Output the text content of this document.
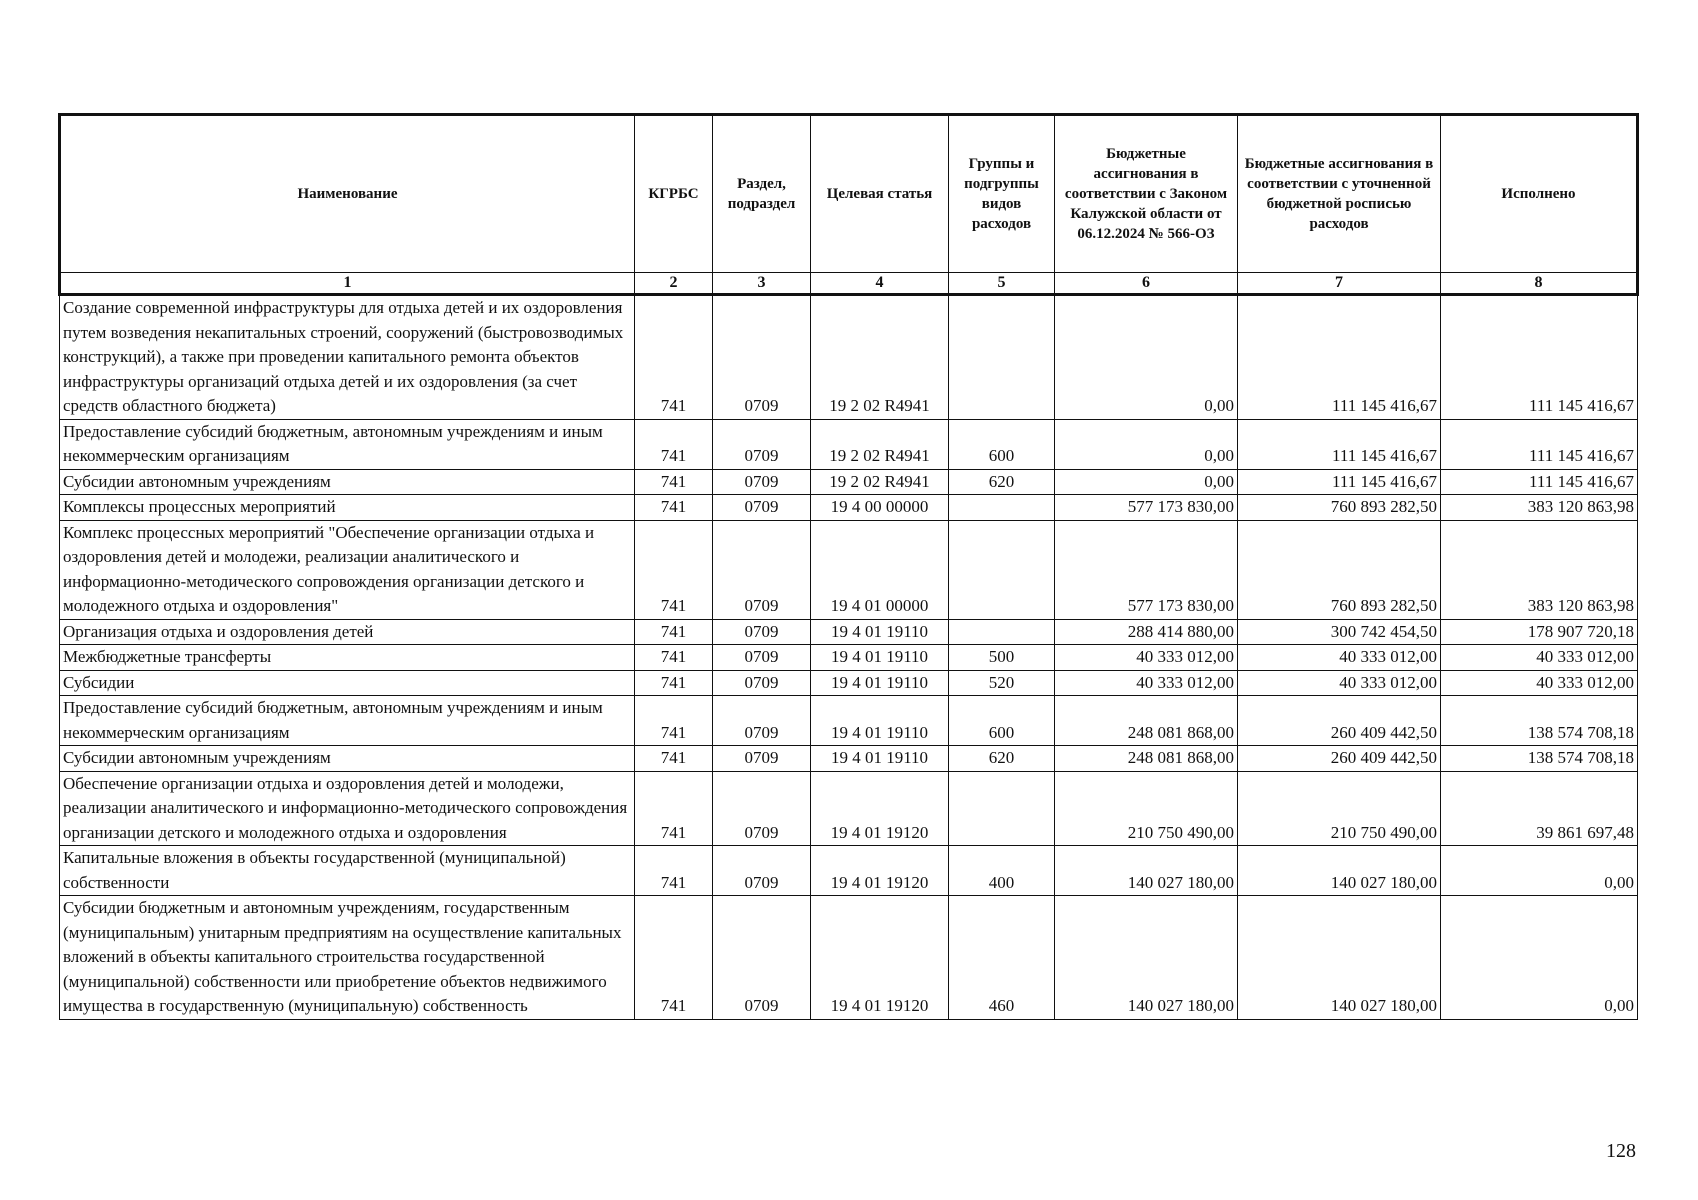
Наименование	КГРБС	Раздел, подраздел	Целевая статья	Группы и подгруппы видов расходов	Бюджетные ассигнования в соответствии с Законом Калужской области от 06.12.2024 № 566-ОЗ	Бюджетные ассигнования в соответствии с уточненной бюджетной росписью расходов	Исполнено
1	2	3	4	5	6	7	8
Создание современной инфраструктуры для отдыха детей и их оздоровления путем возведения некапитальных строений, сооружений (быстровозводимых конструкций), а также при проведении капитального ремонта объектов инфраструктуры организаций отдыха детей и их оздоровления (за счет средств областного бюджета)	741	0709	19 2 02 R4941		0,00	111 145 416,67	111 145 416,67
Предоставление субсидий бюджетным, автономным учреждениям и иным некоммерческим организациям	741	0709	19 2 02 R4941	600	0,00	111 145 416,67	111 145 416,67
Субсидии автономным учреждениям	741	0709	19 2 02 R4941	620	0,00	111 145 416,67	111 145 416,67
Комплексы процессных мероприятий	741	0709	19 4 00 00000		577 173 830,00	760 893 282,50	383 120 863,98
Комплекс процессных мероприятий "Обеспечение организации отдыха и оздоровления детей и молодежи, реализации аналитического и информационно-методического сопровождения организации детского и молодежного отдыха и оздоровления"	741	0709	19 4 01 00000		577 173 830,00	760 893 282,50	383 120 863,98
Организация отдыха и оздоровления детей	741	0709	19 4 01 19110		288 414 880,00	300 742 454,50	178 907 720,18
Межбюджетные трансферты	741	0709	19 4 01 19110	500	40 333 012,00	40 333 012,00	40 333 012,00
Субсидии	741	0709	19 4 01 19110	520	40 333 012,00	40 333 012,00	40 333 012,00
Предоставление субсидий бюджетным, автономным учреждениям и иным некоммерческим организациям	741	0709	19 4 01 19110	600	248 081 868,00	260 409 442,50	138 574 708,18
Субсидии автономным учреждениям	741	0709	19 4 01 19110	620	248 081 868,00	260 409 442,50	138 574 708,18
Обеспечение организации отдыха и оздоровления детей и молодежи, реализации аналитического и информационно-методического сопровождения организации детского и молодежного отдыха и оздоровления	741	0709	19 4 01 19120		210 750 490,00	210 750 490,00	39 861 697,48
Капитальные вложения в объекты государственной (муниципальной) собственности	741	0709	19 4 01 19120	400	140 027 180,00	140 027 180,00	0,00
Субсидии бюджетным и автономным учреждениям, государственным (муниципальным) унитарным предприятиям на осуществление капитальных вложений в объекты капитального строительства государственной (муниципальной) собственности или приобретение объектов недвижимого имущества в государственную (муниципальную) собственность	741	0709	19 4 01 19120	460	140 027 180,00	140 027 180,00	0,00
128
